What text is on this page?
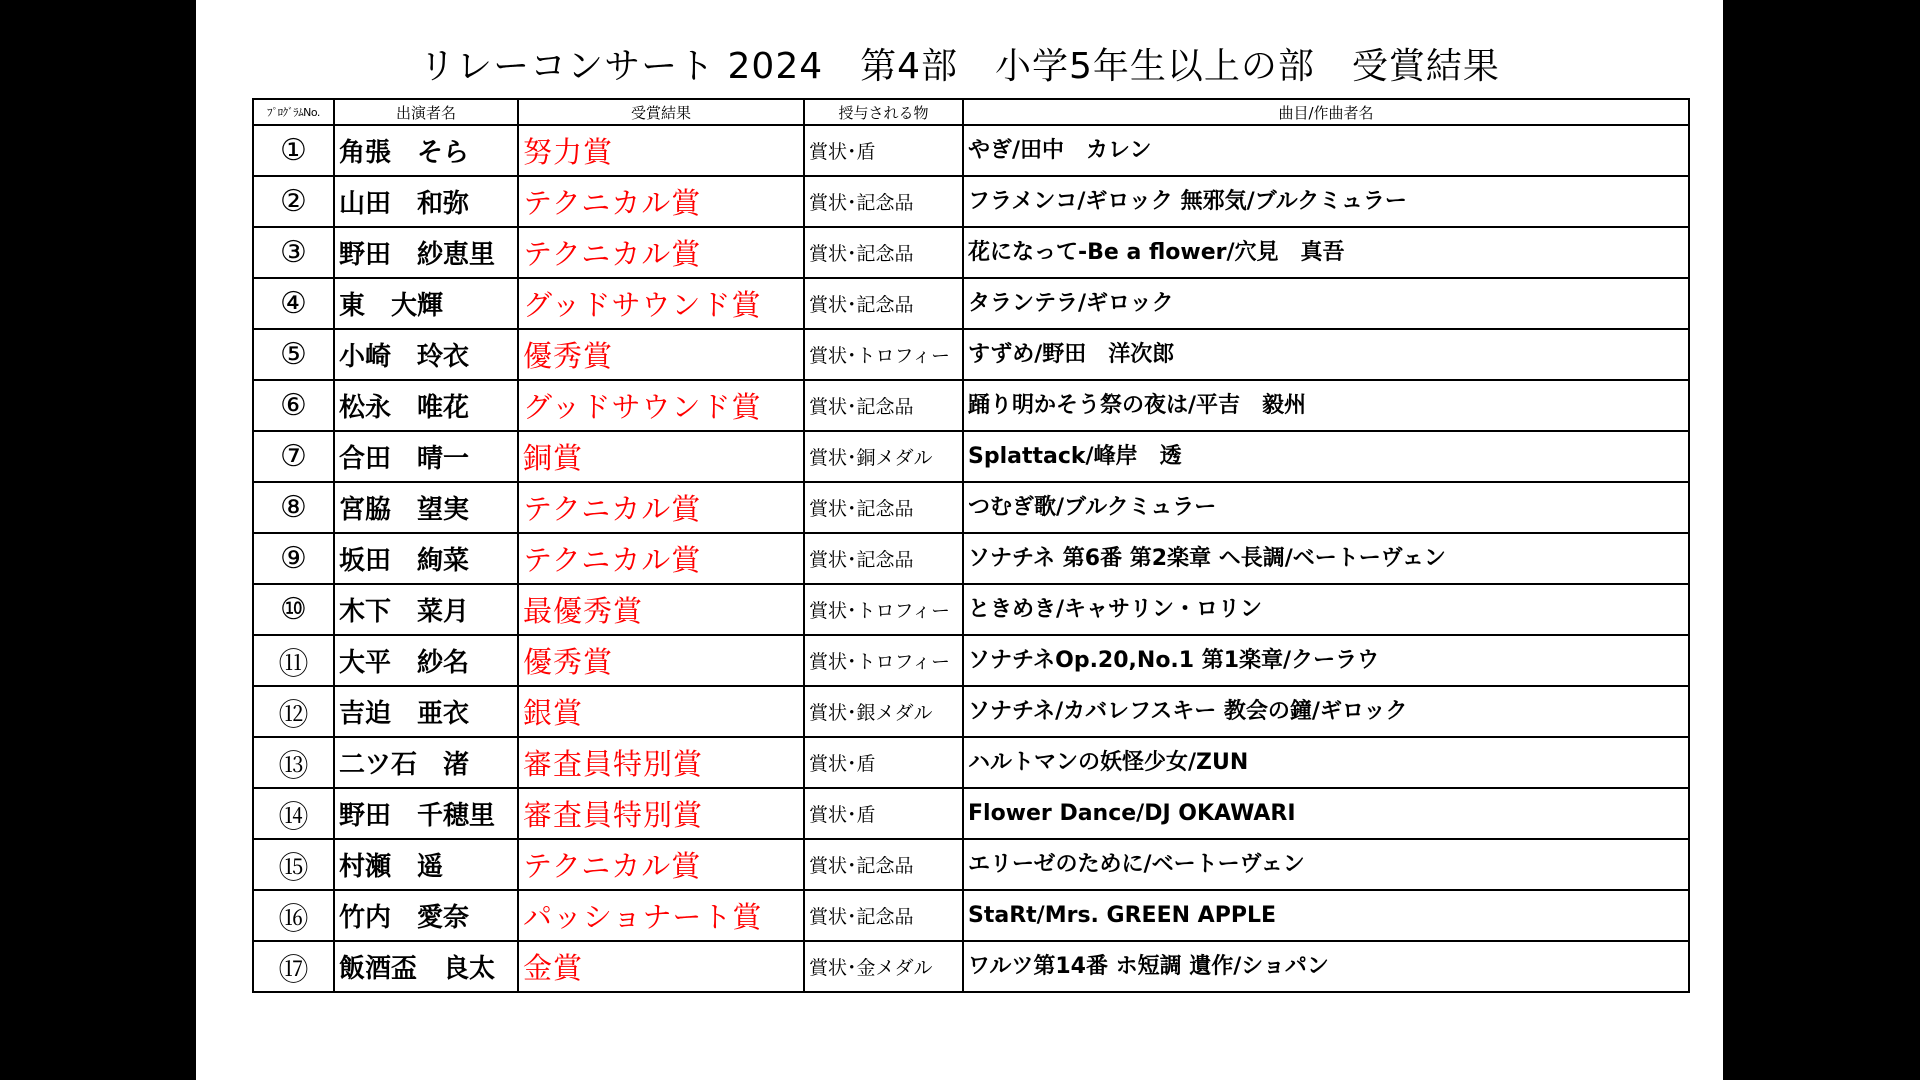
リレーコンサート 2024　第4部　小学5年生以上の部　受賞結果
ﾌﾟﾛｸﾞﾗﾑNo.	出演者名	受賞結果	授与される物	曲目/作曲者名
①	角張　そら	努力賞	賞状･盾	やぎ/田中　カレン
②	山田　和弥	テクニカル賞	賞状･記念品	フラメンコ/ギロック 無邪気/ブルクミュラー
③	野田　紗恵里	テクニカル賞	賞状･記念品	花になって-Be a flower/穴見　真吾
④	東　大輝	グッドサウンド賞	賞状･記念品	タランテラ/ギロック
⑤	小崎　玲衣	優秀賞	賞状･トロフィー	すずめ/野田　洋次郎
⑥	松永　唯花	グッドサウンド賞	賞状･記念品	踊り明かそう祭の夜は/平吉　毅州
⑦	合田　晴一	銅賞	賞状･銅メダル	Splattack/峰岸　透
⑧	宮脇　望実	テクニカル賞	賞状･記念品	つむぎ歌/ブルクミュラー
⑨	坂田　絢菜	テクニカル賞	賞状･記念品	ソナチネ 第6番 第2楽章 ヘ長調/ベートーヴェン
⑩	木下　菜月	最優秀賞	賞状･トロフィー	ときめき/キャサリン・ロリン
⑪	大平　紗名	優秀賞	賞状･トロフィー	ソナチネOp.20,No.1 第1楽章/クーラウ
⑫	吉迫　亜衣	銀賞	賞状･銀メダル	ソナチネ/カバレフスキー 教会の鐘/ギロック
⑬	二ツ石　渚	審査員特別賞	賞状･盾	ハルトマンの妖怪少女/ZUN
⑭	野田　千穂里	審査員特別賞	賞状･盾	Flower Dance/DJ OKAWARI
⑮	村瀬　遥	テクニカル賞	賞状･記念品	エリーゼのために/ベートーヴェン
⑯	竹内　愛奈	パッショナート賞	賞状･記念品	StaRt/Mrs. GREEN APPLE
⑰	飯酒盃　良太	金賞	賞状･金メダル	ワルツ第14番 ホ短調 遺作/ショパン
